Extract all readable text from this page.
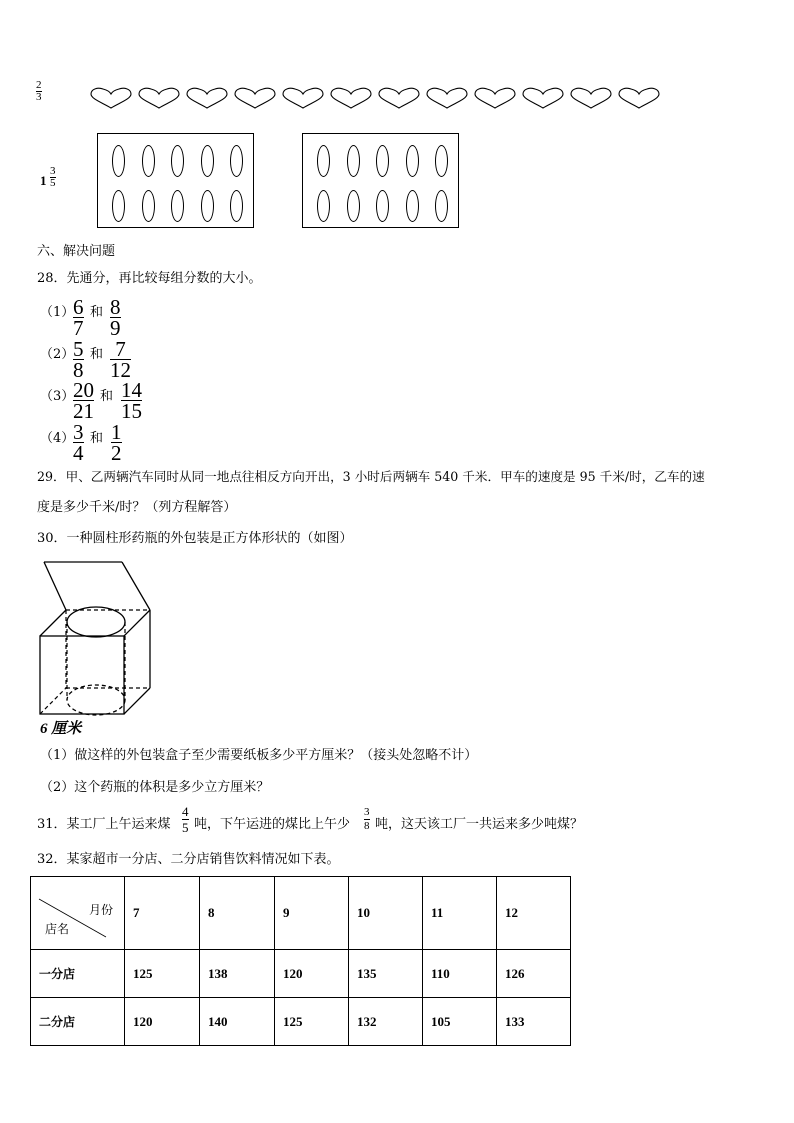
2
3
1
3
5
六、解决问题
28．先通分，再比较每组分数的大小。
（1）
6
7
和 8
9
（2）
5
8
和 7
12
（3）
20
21
和 14
15
（4）
3
4
和 1
2
29．甲、乙两辆汽车同时从同一地点往相反方向开出，3 小时后两辆车 540 千米．甲车的速度是 95 千米/时，乙车的速
度是多少千米/时？（列方程解答）
30．一种圆柱形药瓶的外包装是正方体形状的（如图）
6 厘米
（1）做这样的外包装盒子至少需要纸板多少平方厘米？（接头处忽略不计）
（2）这个药瓶的体积是多少立方厘米？
31．某工厂上午运来煤
4
5 吨，下午运进的煤比上午少
3
8 吨，这天该工厂一共运来多少吨煤？
32．某家超市一分店、二分店销售饮料情况如下表。
月份
店名	7	8	9	10	11	12
一分店	125	138	120	135	110	126
二分店	120	140	125	132	105	133
